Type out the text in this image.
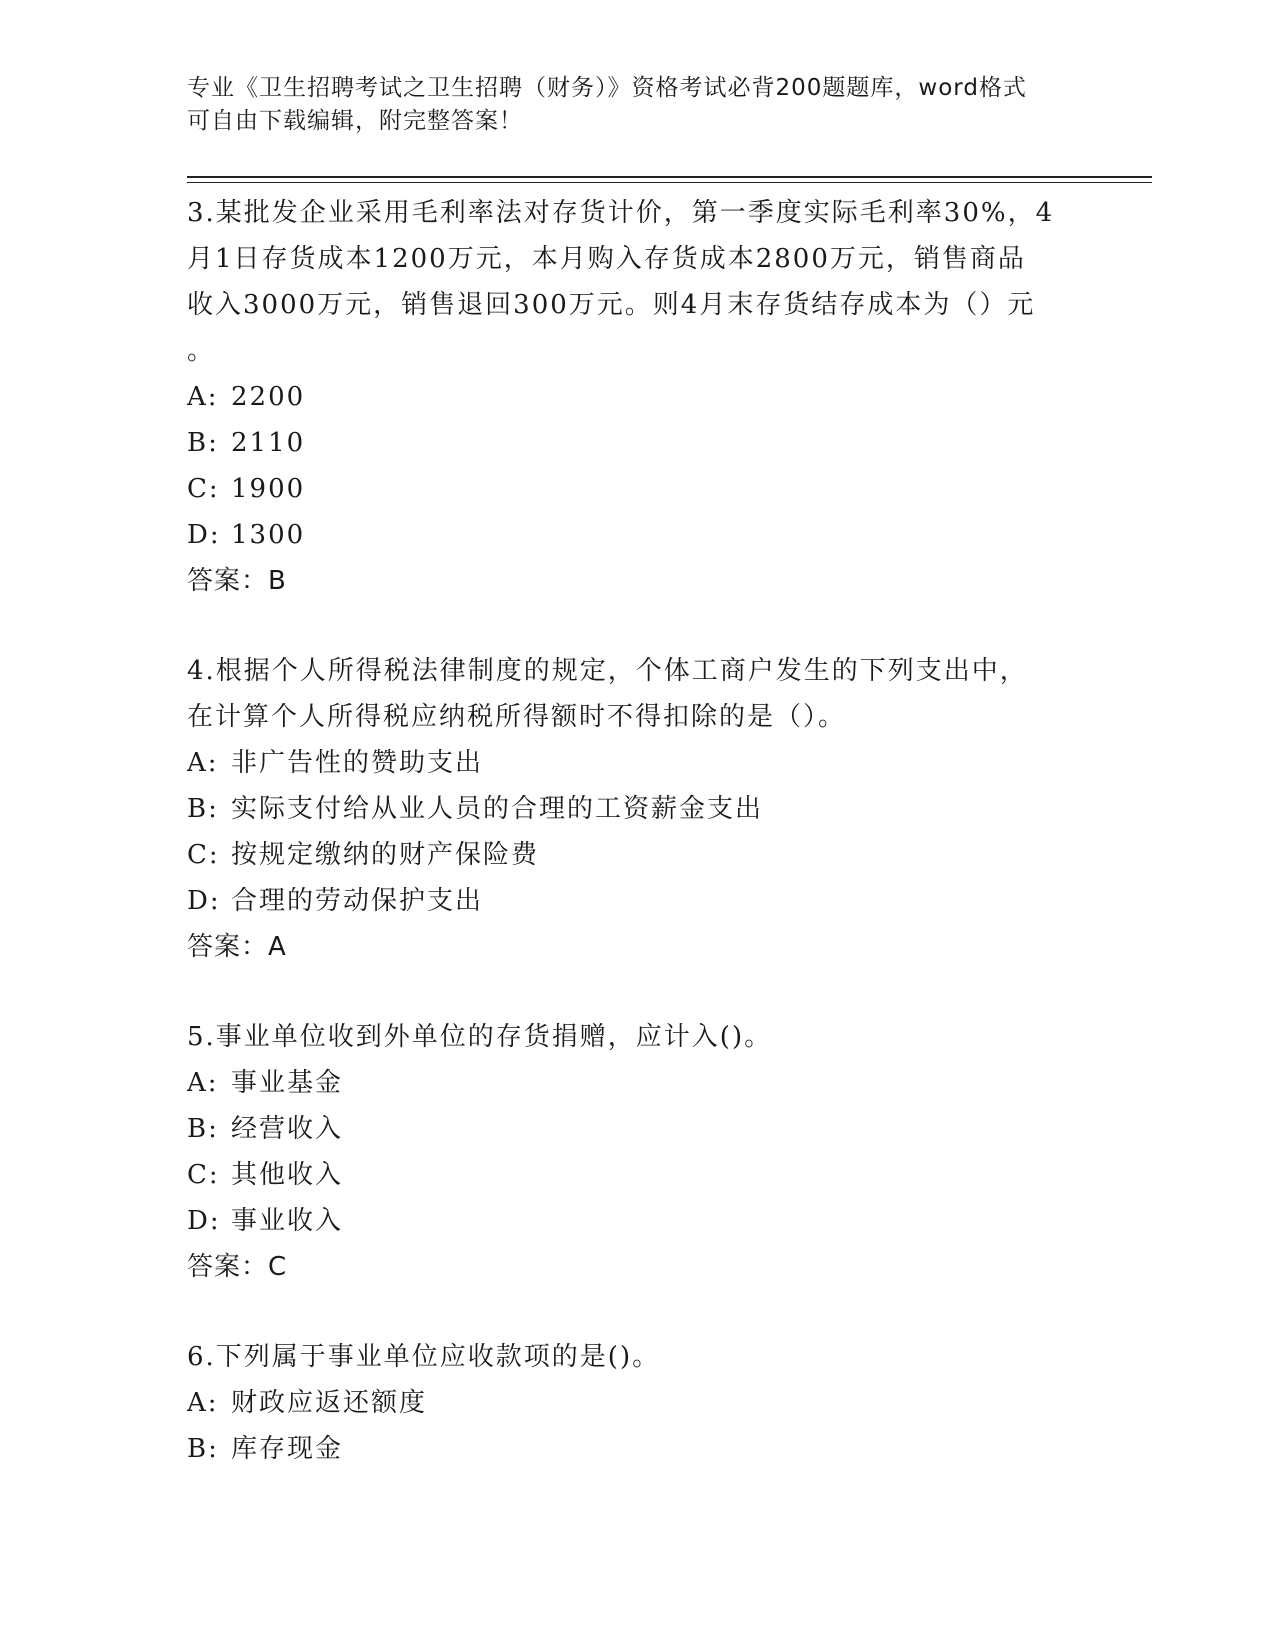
专业《卫生招聘考试之卫生招聘（财务）》资格考试必背200题题库，word格式
可自由下载编辑，附完整答案！
3.某批发企业采用毛利率法对存货计价，第一季度实际毛利率30%，4
月1日存货成本1200万元，本月购入存货成本2800万元，销售商品
收入3000万元，销售退回300万元。则4月末存货结存成本为（）元
。
A: 2200
B: 2110
C: 1900
D: 1300
答案：B
4.根据个人所得税法律制度的规定，个体工商户发生的下列支出中，
在计算个人所得税应纳税所得额时不得扣除的是（）。
A: 非广告性的赞助支出
B: 实际支付给从业人员的合理的工资薪金支出
C: 按规定缴纳的财产保险费
D: 合理的劳动保护支出
答案：A
5.事业单位收到外单位的存货捐赠，应计入()。
A: 事业基金
B: 经营收入
C: 其他收入
D: 事业收入
答案：C
6.下列属于事业单位应收款项的是()。
A: 财政应返还额度
B: 库存现金
